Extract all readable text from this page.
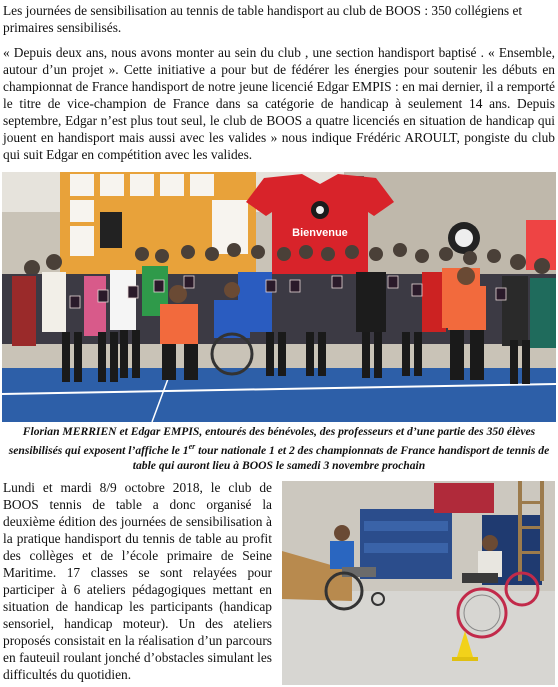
Les journées de sensibilisation au tennis de table handisport au club de BOOS : 350 collégiens et primaires sensibilisés.

« Depuis deux ans, nous avons monter au sein du club , une section handisport baptisé . « Ensemble, autour d’un projet ». Cette initiative a pour but de fédérer les énergies pour soutenir les débuts en championnat de France handisport de notre jeune licencié Edgar EMPIS : en mai dernier, il a remporté le titre de vice-champion de France dans sa catégorie de handicap à seulement 14 ans. Depuis septembre, Edgar n’est plus tout seul, le club de BOOS a quatre licenciés en situation de handicap qui jouent en handisport mais aussi avec les valides » nous indique Frédéric AROULT, pongiste du club qui suit Edgar en compétition avec les valides.

Bienvenue

Florian MERRIEN et Edgar EMPIS, entourés des bénévoles, des professeurs et d’une partie des 350 élèves sensibilisés qui exposent l’affiche le 1er tour nationale 1 et 2 des championnats de France handisport de tennis de table qui auront lieu à BOOS le samedi 3 novembre prochain

Lundi et mardi 8/9 octobre 2018, le club de BOOS tennis de table a donc organisé la deuxième édition des journées de sensibilisation à la pratique handisport du tennis de table au profit des collèges et de l’école primaire de Seine Maritime. 17 classes se sont relayées pour participer à 6 ateliers pédagogiques mettant en situation de handicap les participants (handicap sensoriel, handicap moteur). Un des ateliers proposés consistait en la réalisation d’un parcours en fauteuil roulant jonché d’obstacles simulant les difficultés du quotidien.
